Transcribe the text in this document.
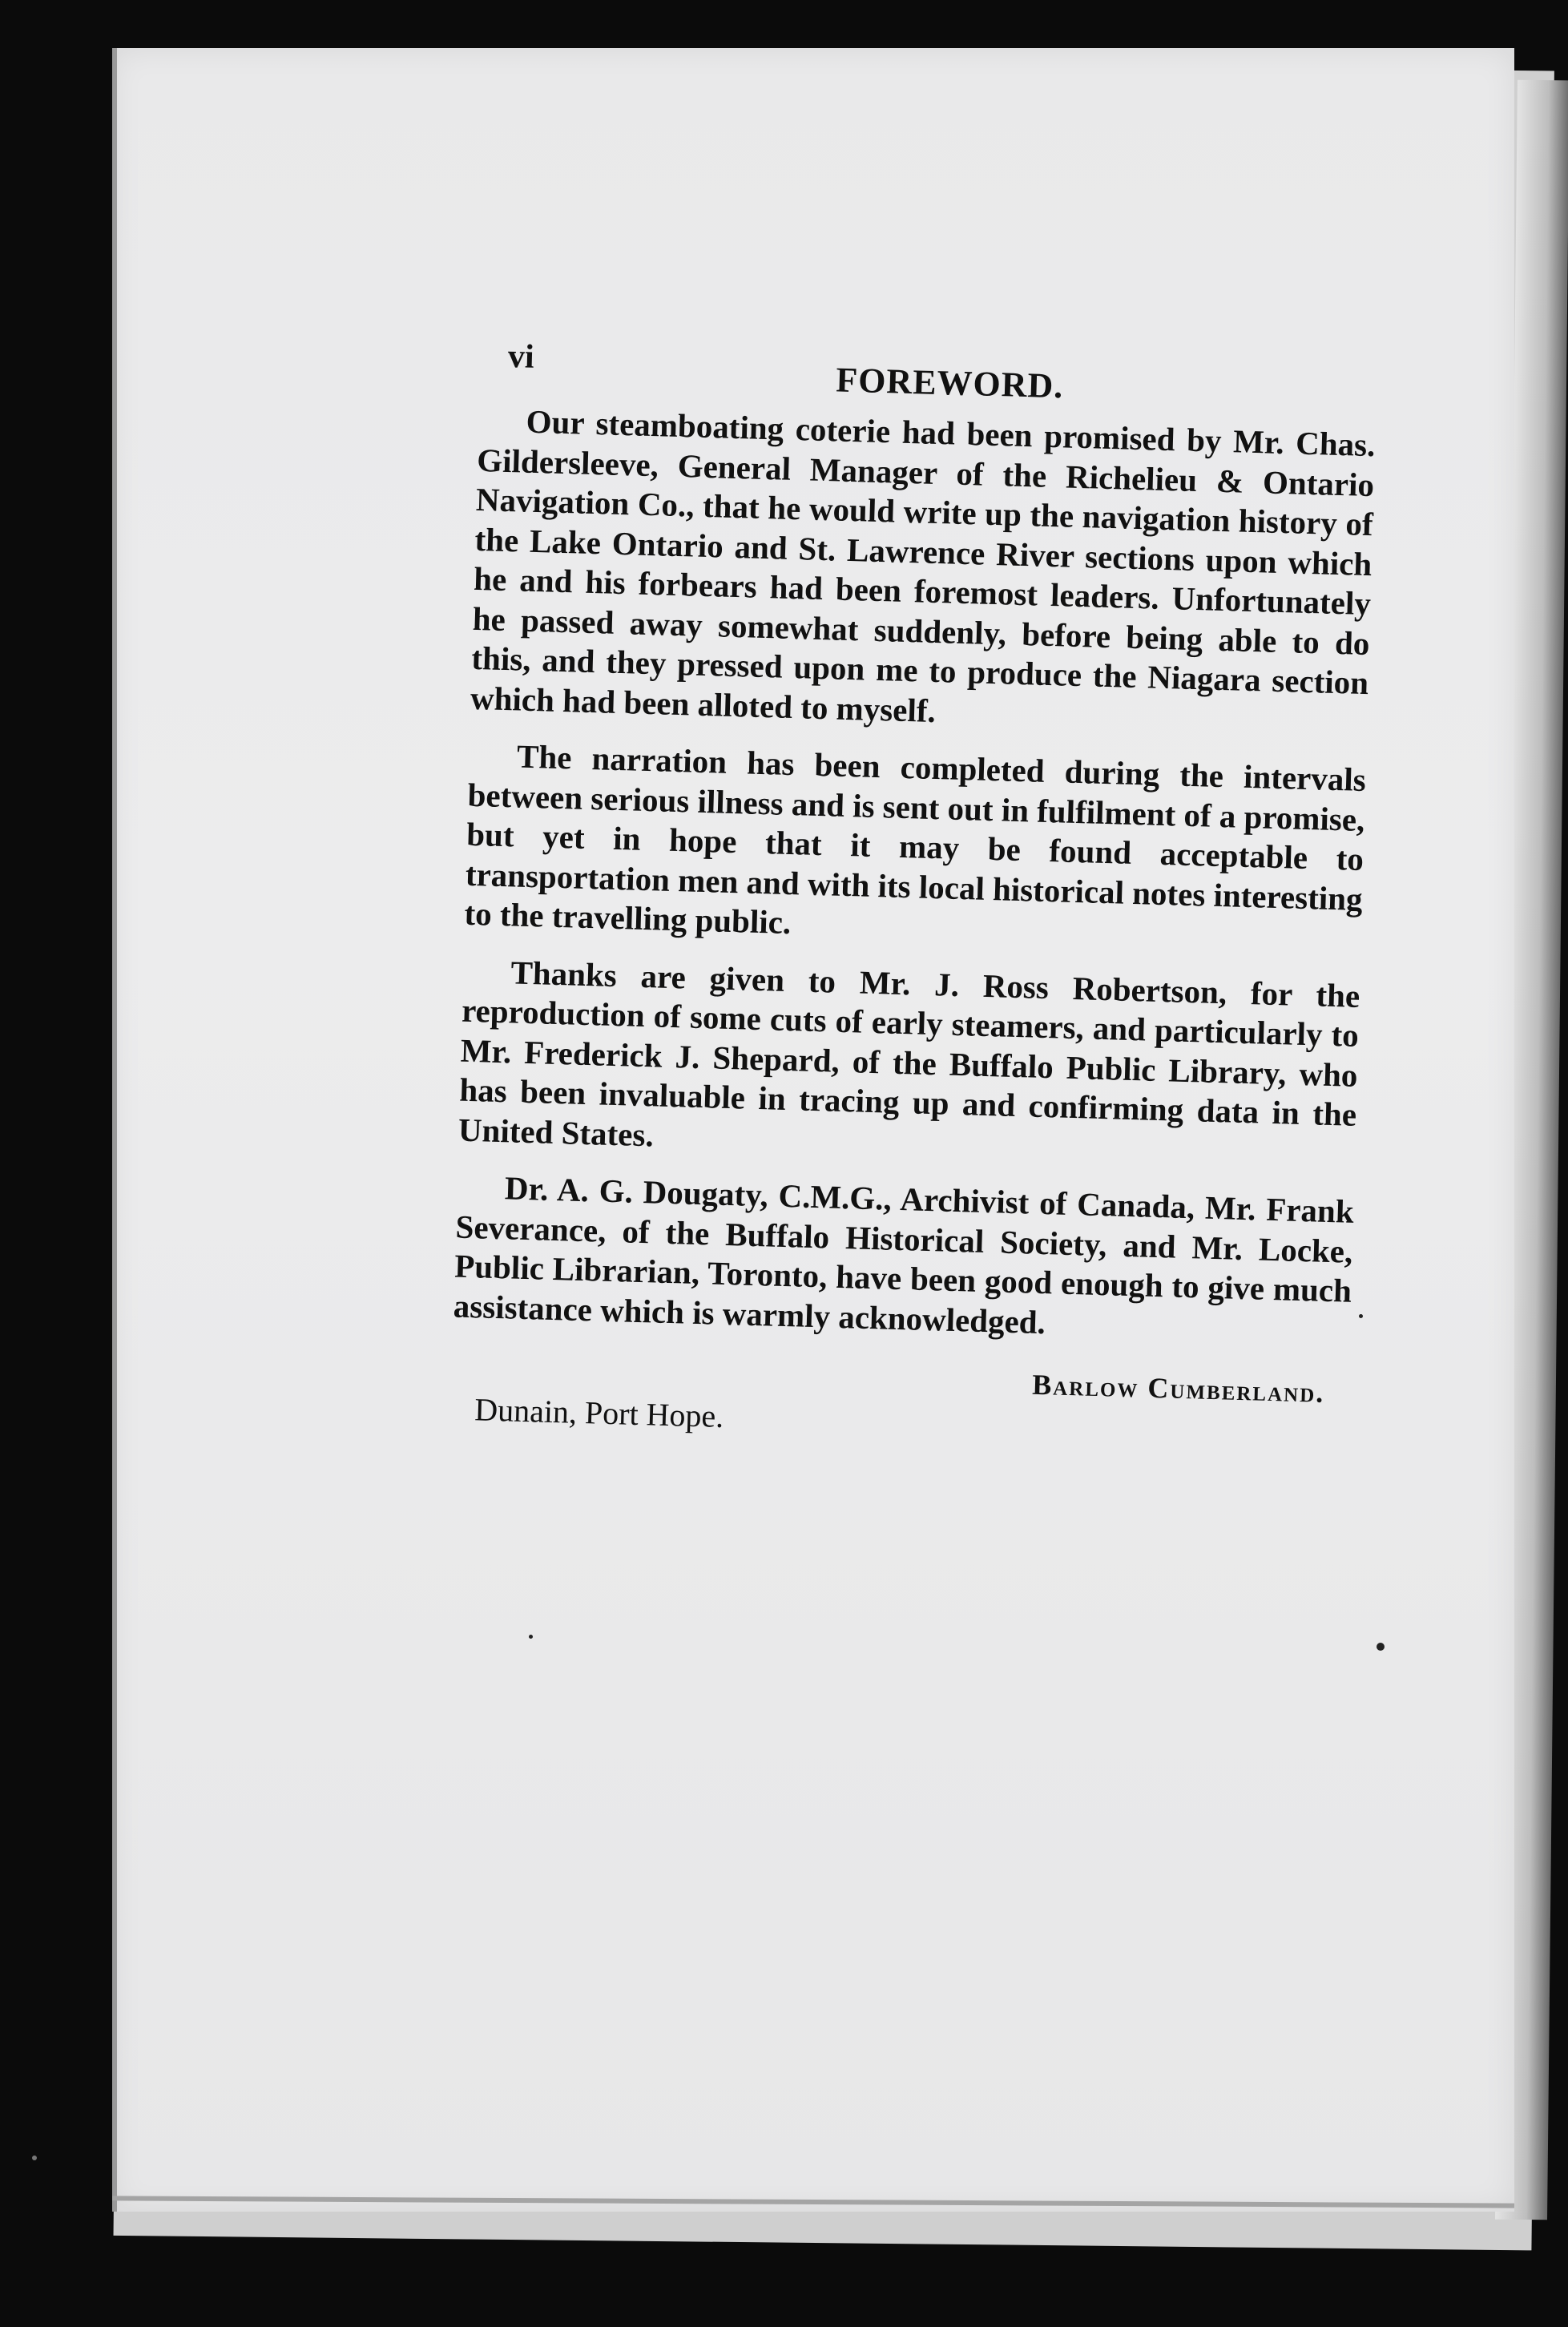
vi
FOREWORD.

Our steamboating coterie had been promised by Mr. Chas. Gildersleeve, General Manager of the Richelieu & Ontario Navigation Co., that he would write up the navigation history of the Lake Ontario and St. Lawrence River sections upon which he and his forbears had been foremost leaders. Unfortunately he passed away somewhat suddenly, before being able to do this, and they pressed upon me to produce the Niagara section which had been alloted to myself.

The narration has been completed during the intervals between serious illness and is sent out in fulfilment of a promise, but yet in hope that it may be found acceptable to transportation men and with its local historical notes interesting to the travelling public.

Thanks are given to Mr. J. Ross Robertson, for the reproduction of some cuts of early steamers, and particularly to Mr. Frederick J. Shepard, of the Buffalo Public Library, who has been invaluable in tracing up and confirming data in the United States.

Dr. A. G. Dougaty, C.M.G., Archivist of Canada, Mr. Frank Severance, of the Buffalo Historical Society, and Mr. Locke, Public Librarian, Toronto, have been good enough to give much assistance which is warmly acknowledged.

Barlow Cumberland.
Dunain, Port Hope.
